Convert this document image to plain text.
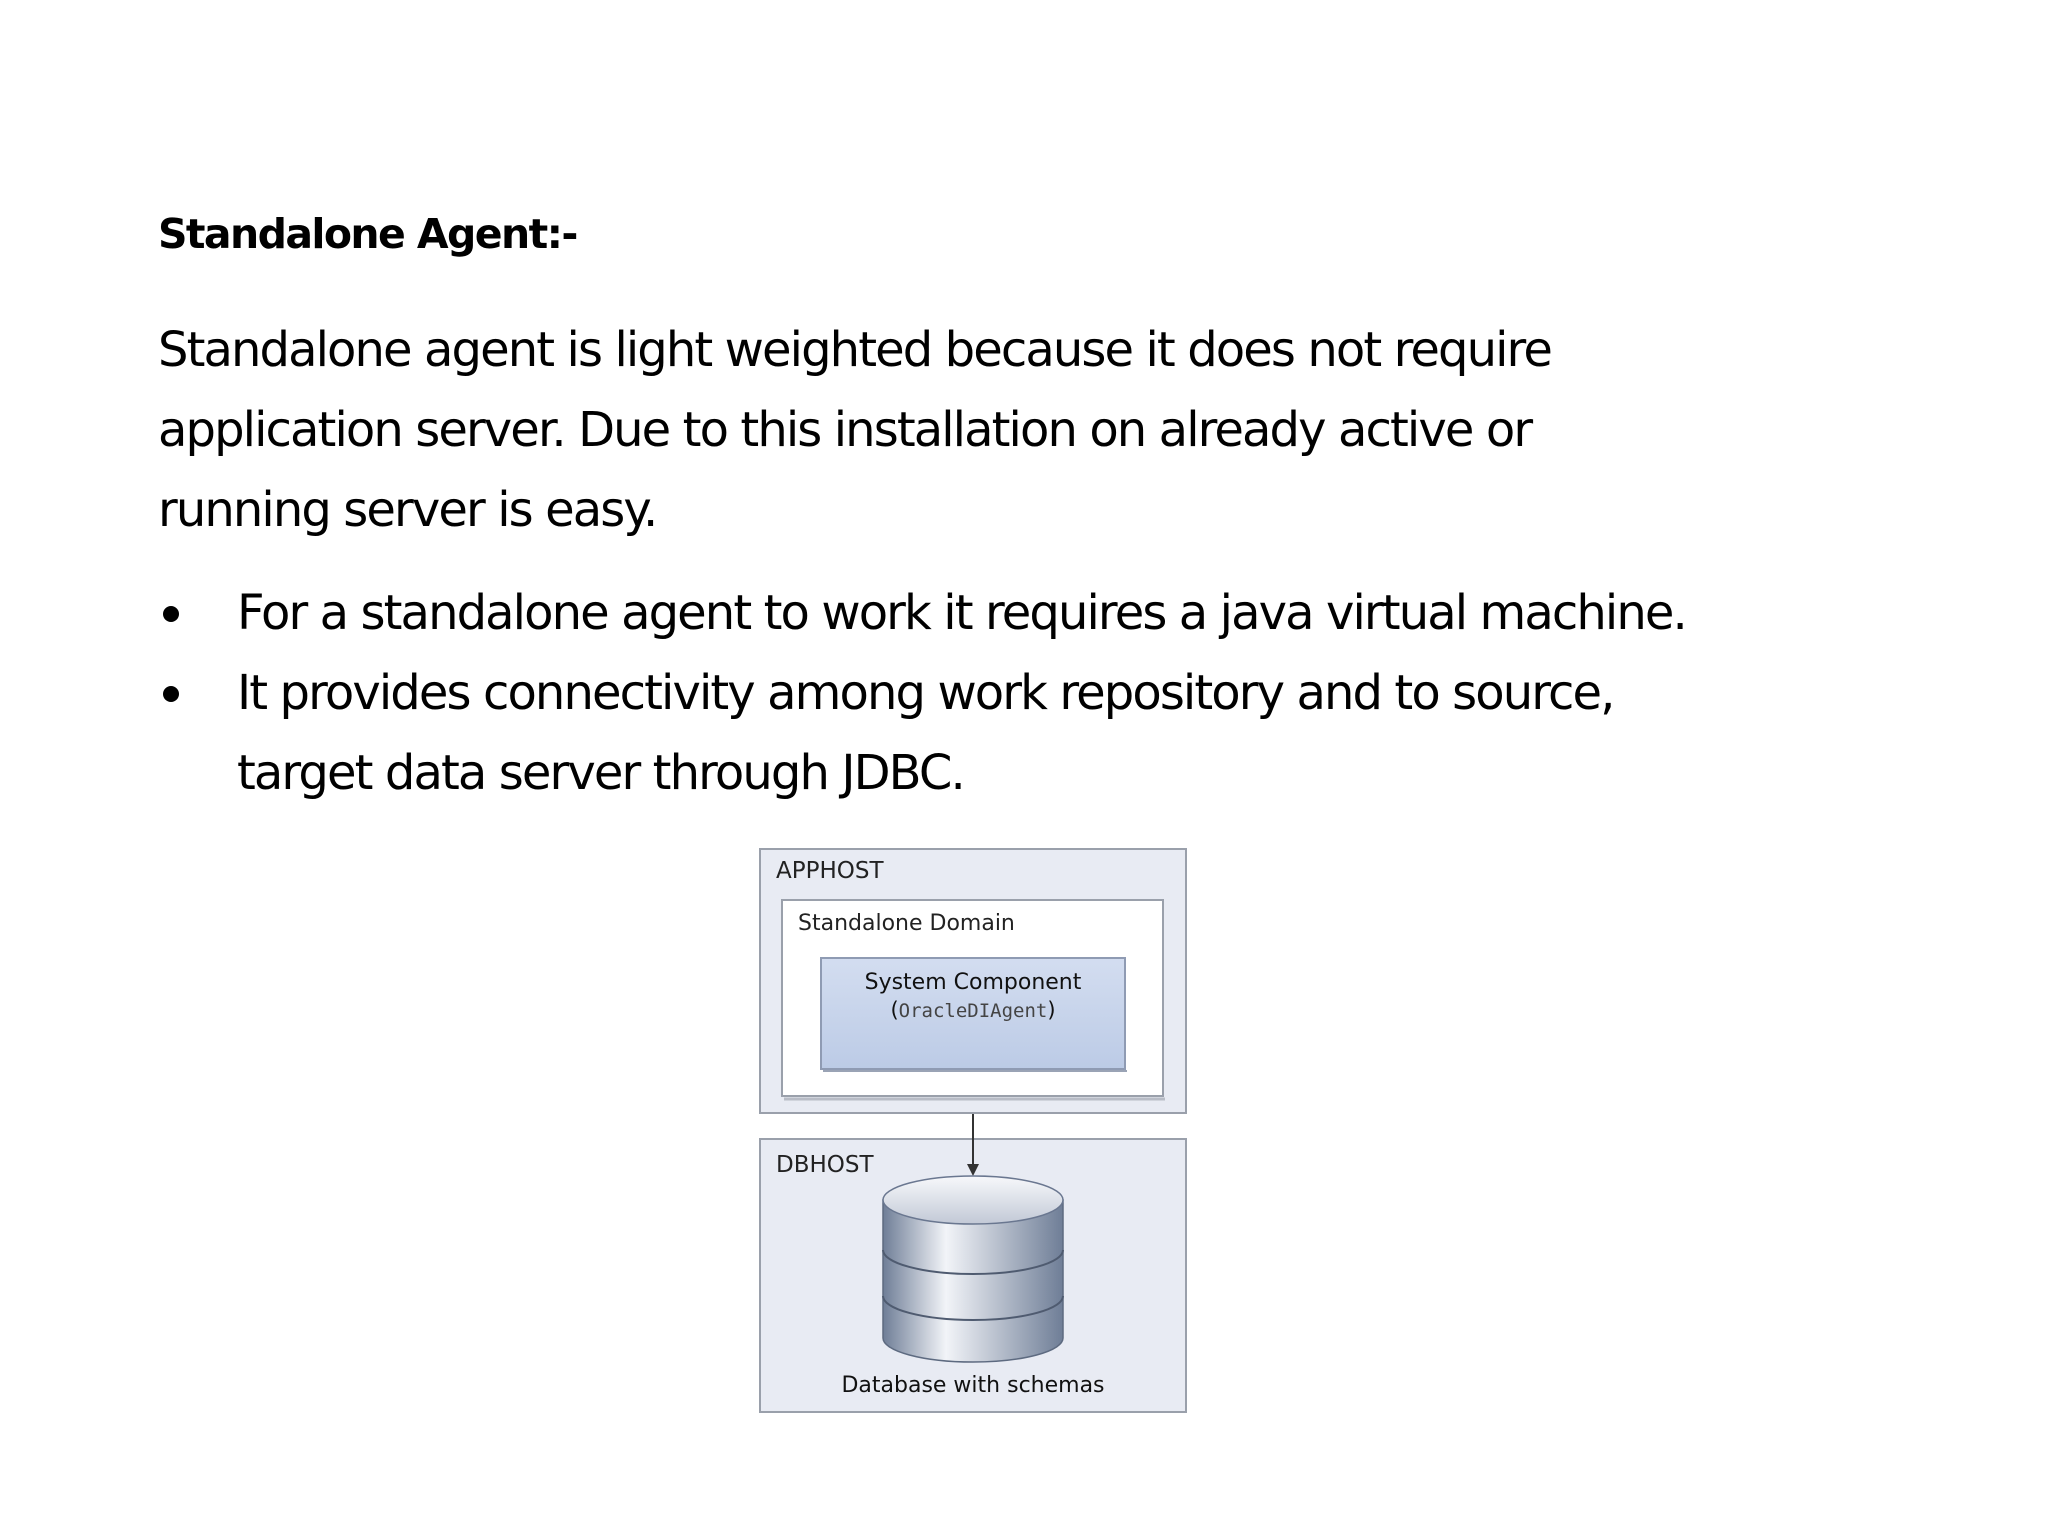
Standalone Agent:-

Standalone agent is light weighted because it does not require
application server. Due to this installation on already active or
running server is easy.

For a standalone agent to work it requires a java virtual machine.
It provides connectivity among work repository and to source,
target data server through JDBC.
APPHOST
Standalone Domain
System Component
(OracleDIAgent)
DBHOST
Database with schemas
